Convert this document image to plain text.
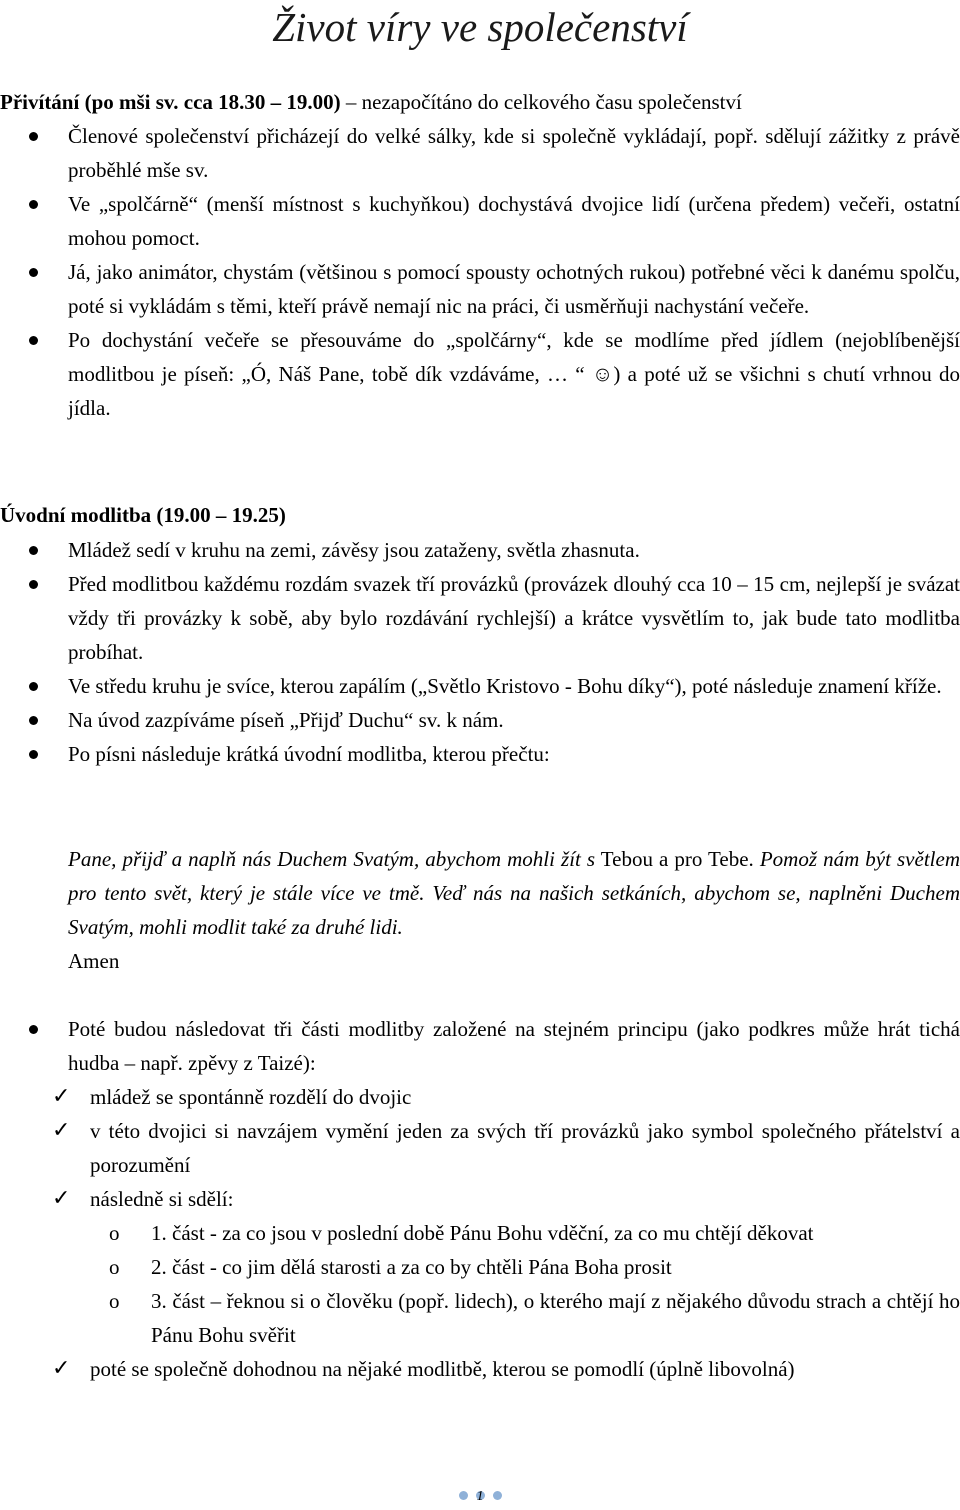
Život víry ve společenství
Přivítání (po mši sv. cca 18.30 – 19.00) – nezapočítáno do celkového času společenství
Členové společenství přicházejí do velké sálky, kde si společně vykládají, popř. sdělují zážitky z právě proběhlé mše sv.
Ve „spolčárně“ (menší místnost s kuchyňkou) dochystává dvojice lidí (určena předem) večeři, ostatní mohou pomoct.
Já, jako animátor, chystám (většinou s pomocí spousty ochotných rukou) potřebné věci k danému spolču, poté si vykládám s těmi, kteří právě nemají nic na práci, či usměrňuji nachystání večeře.
Po dochystání večeře se přesouváme do „spolčárny“, kde se modlíme před jídlem (nejoblíbenější modlitbou je píseň: „Ó, Náš Pane, tobě dík vzdáváme, … “ ☺) a poté už se všichni s chutí vrhnou do jídla.
Úvodní modlitba (19.00 – 19.25)
Mládež sedí v kruhu na zemi, závěsy jsou zataženy, světla zhasnuta.
Před modlitbou každému rozdám svazek tří provázků (provázek dlouhý cca 10 – 15 cm, nejlepší je svázat vždy tři provázky k sobě, aby bylo rozdávání rychlejší) a krátce vysvětlím to, jak bude tato modlitba probíhat.
Ve středu kruhu je svíce, kterou zapálím („Světlo Kristovo - Bohu díky“), poté následuje znamení kříže.
Na úvod zazpíváme píseň „Přijď Duchu“ sv. k nám.
Po písni následuje krátká úvodní modlitba, kterou přečtu:
Pane, přijď a naplň nás Duchem Svatým, abychom mohli žít s Tebou a pro Tebe. Pomož nám být světlem pro tento svět, který je stále více ve tmě. Veď nás na našich setkáních, abychom se, naplněni Duchem Svatým, mohli modlit také za druhé lidi.
Amen
Poté budou následovat tři části modlitby založené na stejném principu (jako podkres může hrát tichá hudba – např. zpěvy z Taizé):
✓ mládež se spontánně rozdělí do dvojic
✓ v této dvojici si navzájem vymění jeden za svých tří provázků jako symbol společného přátelství a porozumění
✓ následně si sdělí:
o 1. část - za co jsou v poslední době Pánu Bohu vděční, za co mu chtějí děkovat
o 2. část - co jim dělá starosti a za co by chtěli Pána Boha prosit
o 3. část – řeknou si o člověku (popř. lidech), o kterého mají z nějakého důvodu strach a chtějí ho Pánu Bohu svěřit
✓ poté se společně dohodnou na nějaké modlitbě, kterou se pomodlí (úplně libovolná)
1
